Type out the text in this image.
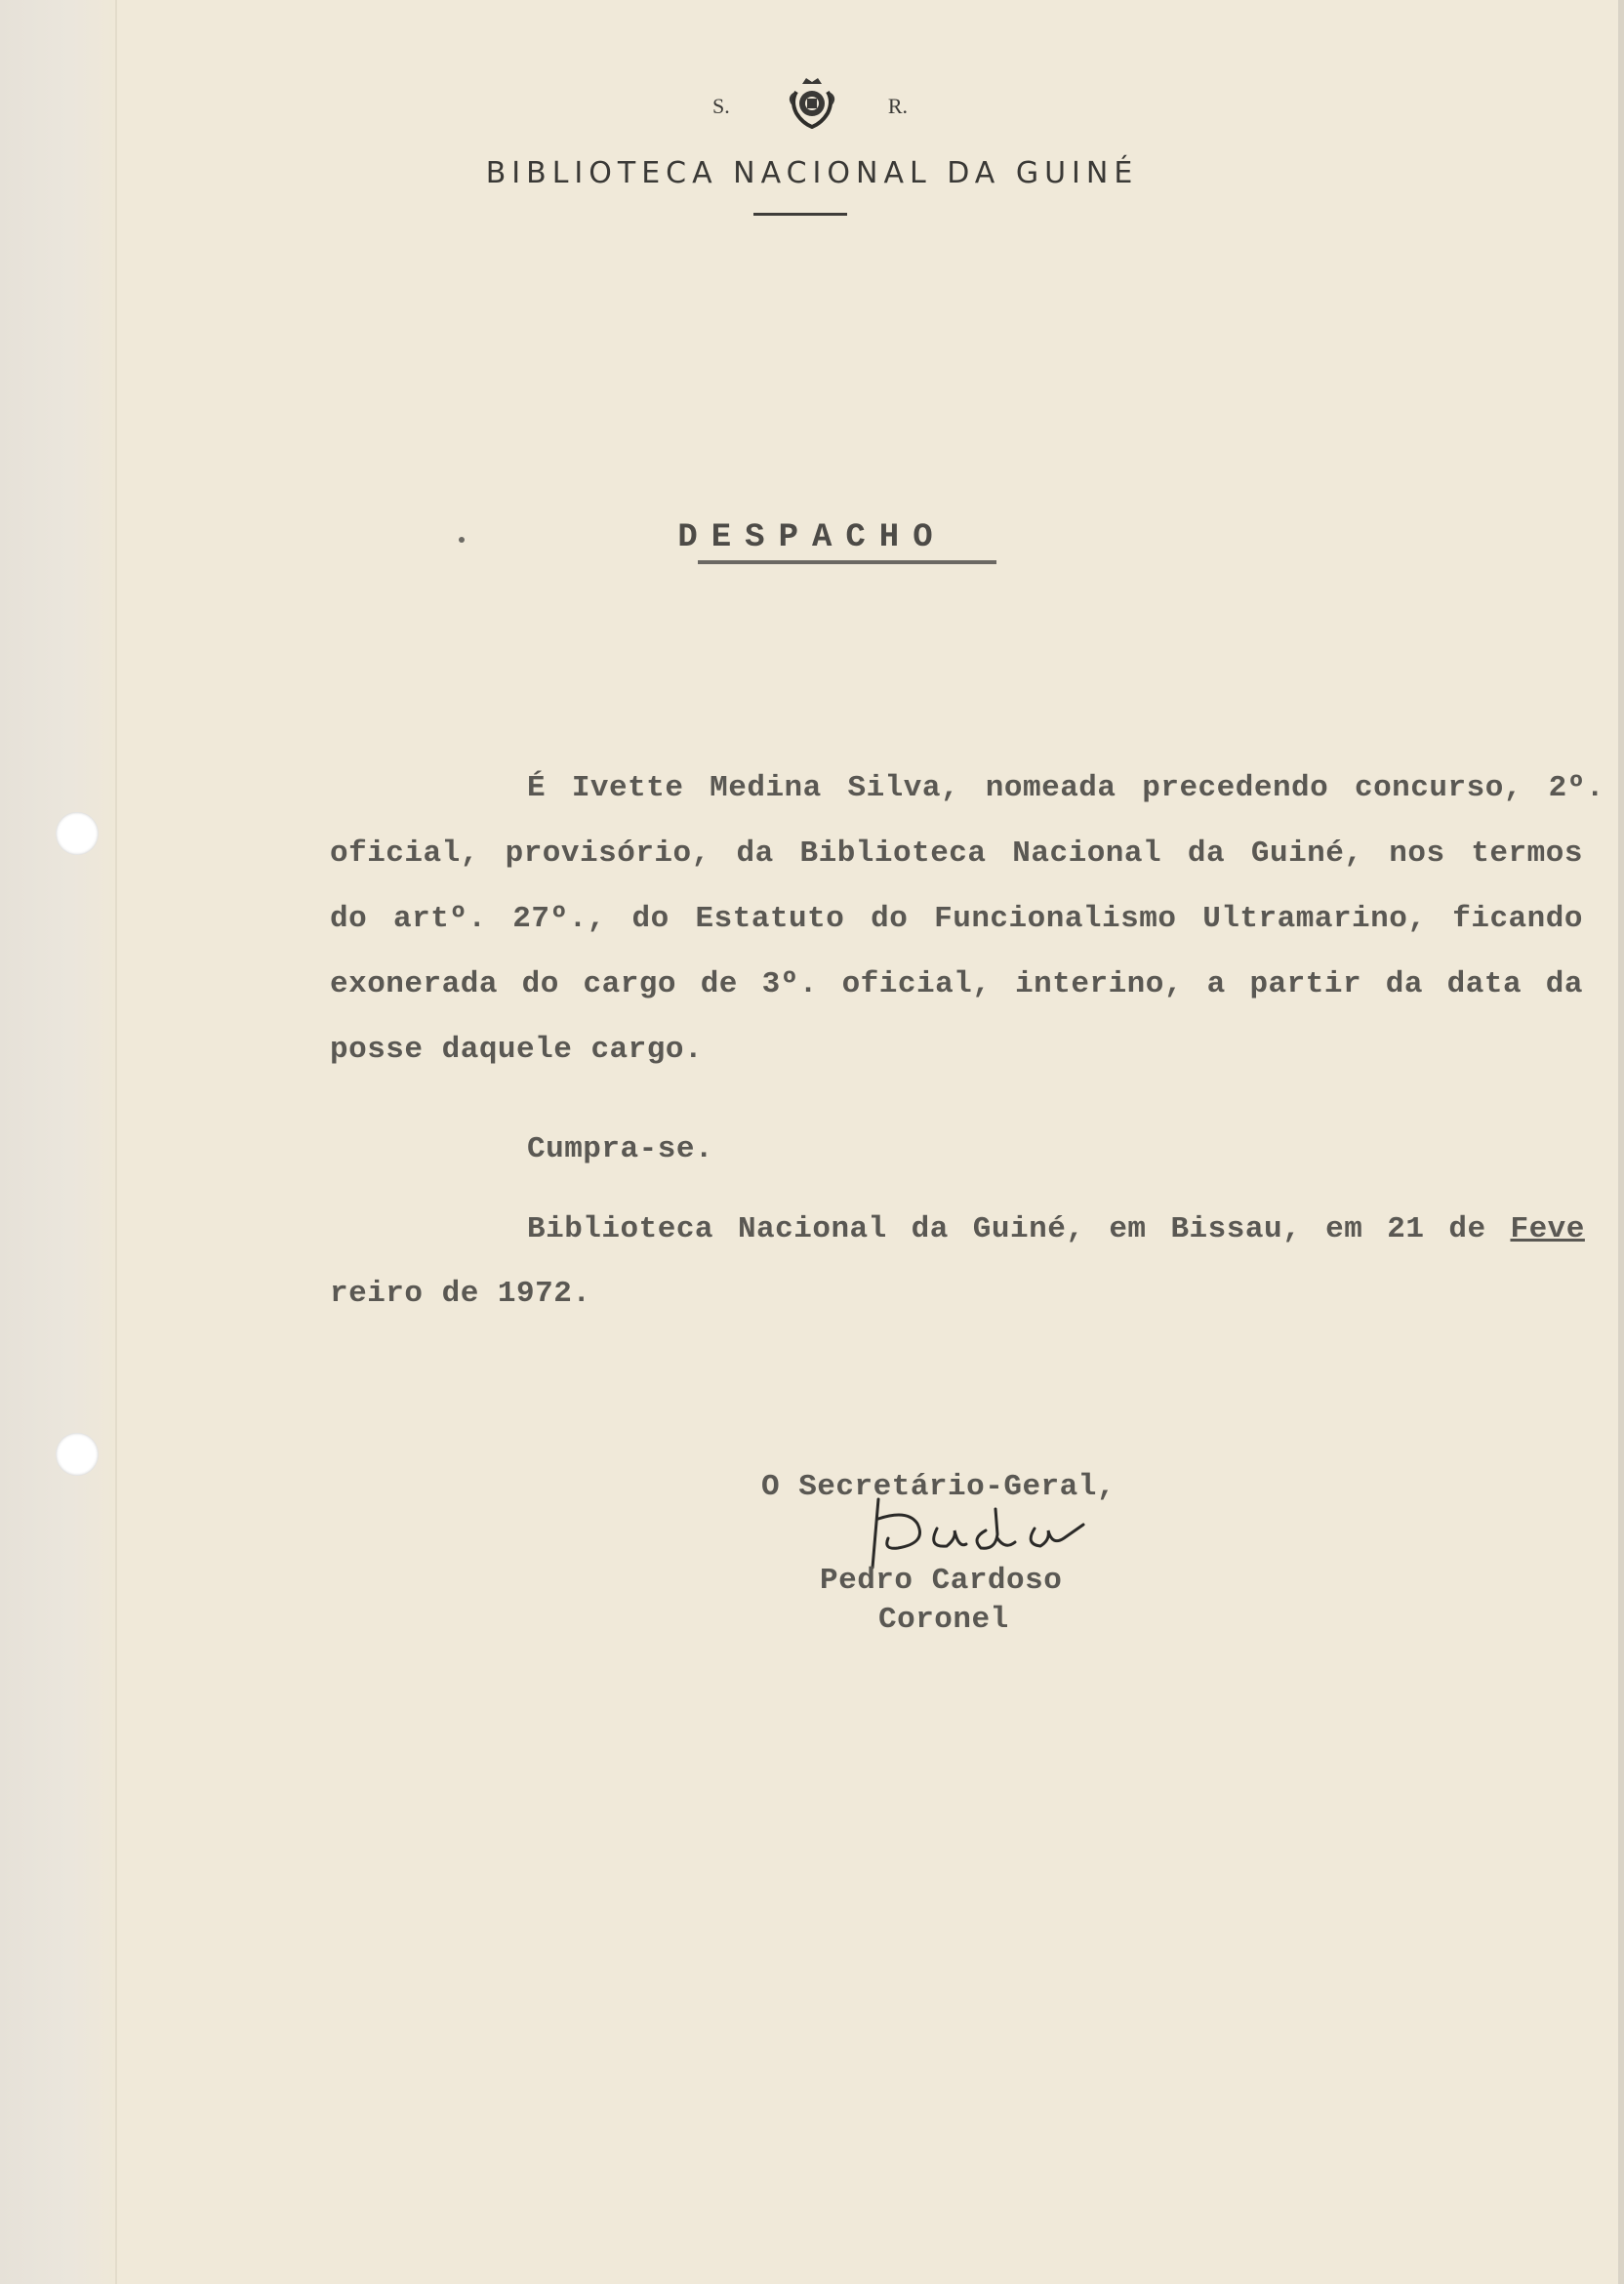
S.	R.
BIBLIOTECA NACIONAL DA GUINÉ
DESPACHO
É Ivette Medina Silva, nomeada precedendo concurso, 2º.
oficial, provisório, da Biblioteca Nacional da Guiné, nos termos
do artº. 27º., do Estatuto do Funcionalismo Ultramarino, ficando
exonerada do cargo de 3º. oficial, interino, a partir da data da
posse daquele cargo.
Cumpra-se.
Biblioteca Nacional da Guiné, em Bissau, em 21 de Feve
reiro de 1972.
O Secretário-Geral,
Pedro Cardoso
Coronel
